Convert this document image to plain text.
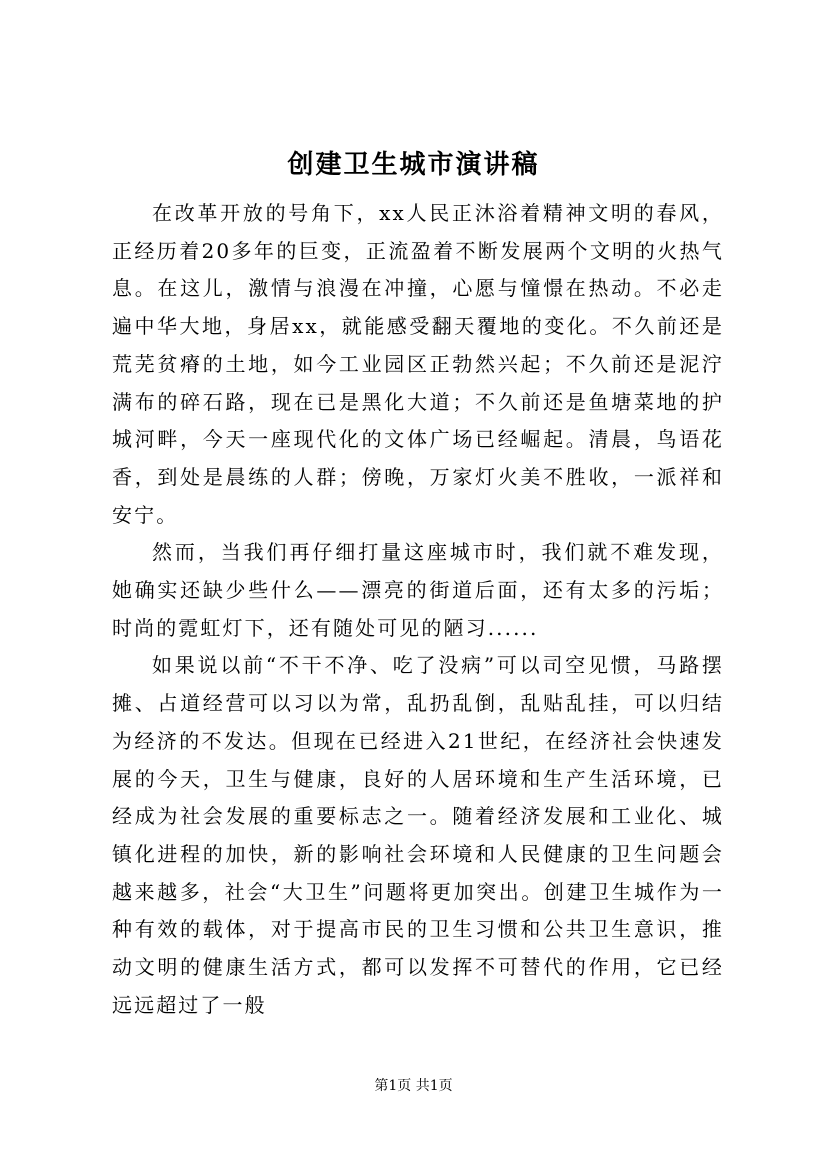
创建卫生城市演讲稿

在改革开放的号角下，xx人民正沐浴着精神文明的春风，正经历着20多年的巨变，正流盈着不断发展两个文明的火热气息。在这儿，激情与浪漫在冲撞，心愿与憧憬在热动。不必走遍中华大地，身居xx，就能感受翻天覆地的变化。不久前还是荒芜贫瘠的土地，如今工业园区正勃然兴起；不久前还是泥泞满布的碎石路，现在已是黑化大道；不久前还是鱼塘菜地的护城河畔，今天一座现代化的文体广场已经崛起。清晨，鸟语花香，到处是晨练的人群；傍晚，万家灯火美不胜收，一派祥和安宁。

然而，当我们再仔细打量这座城市时，我们就不难发现，她确实还缺少些什么——漂亮的街道后面，还有太多的污垢；时尚的霓虹灯下，还有随处可见的陋习......

如果说以前“不干不净、吃了没病”可以司空见惯，马路摆摊、占道经营可以习以为常，乱扔乱倒，乱贴乱挂，可以归结为经济的不发达。但现在已经进入21世纪，在经济社会快速发展的今天，卫生与健康，良好的人居环境和生产生活环境，已经成为社会发展的重要标志之一。随着经济发展和工业化、城镇化进程的加快，新的影响社会环境和人民健康的卫生问题会越来越多，社会“大卫生”问题将更加突出。创建卫生城作为一种有效的载体，对于提高市民的卫生习惯和公共卫生意识，推动文明的健康生活方式，都可以发挥不可替代的作用，它已经远远超过了一般

第1页 共1页
